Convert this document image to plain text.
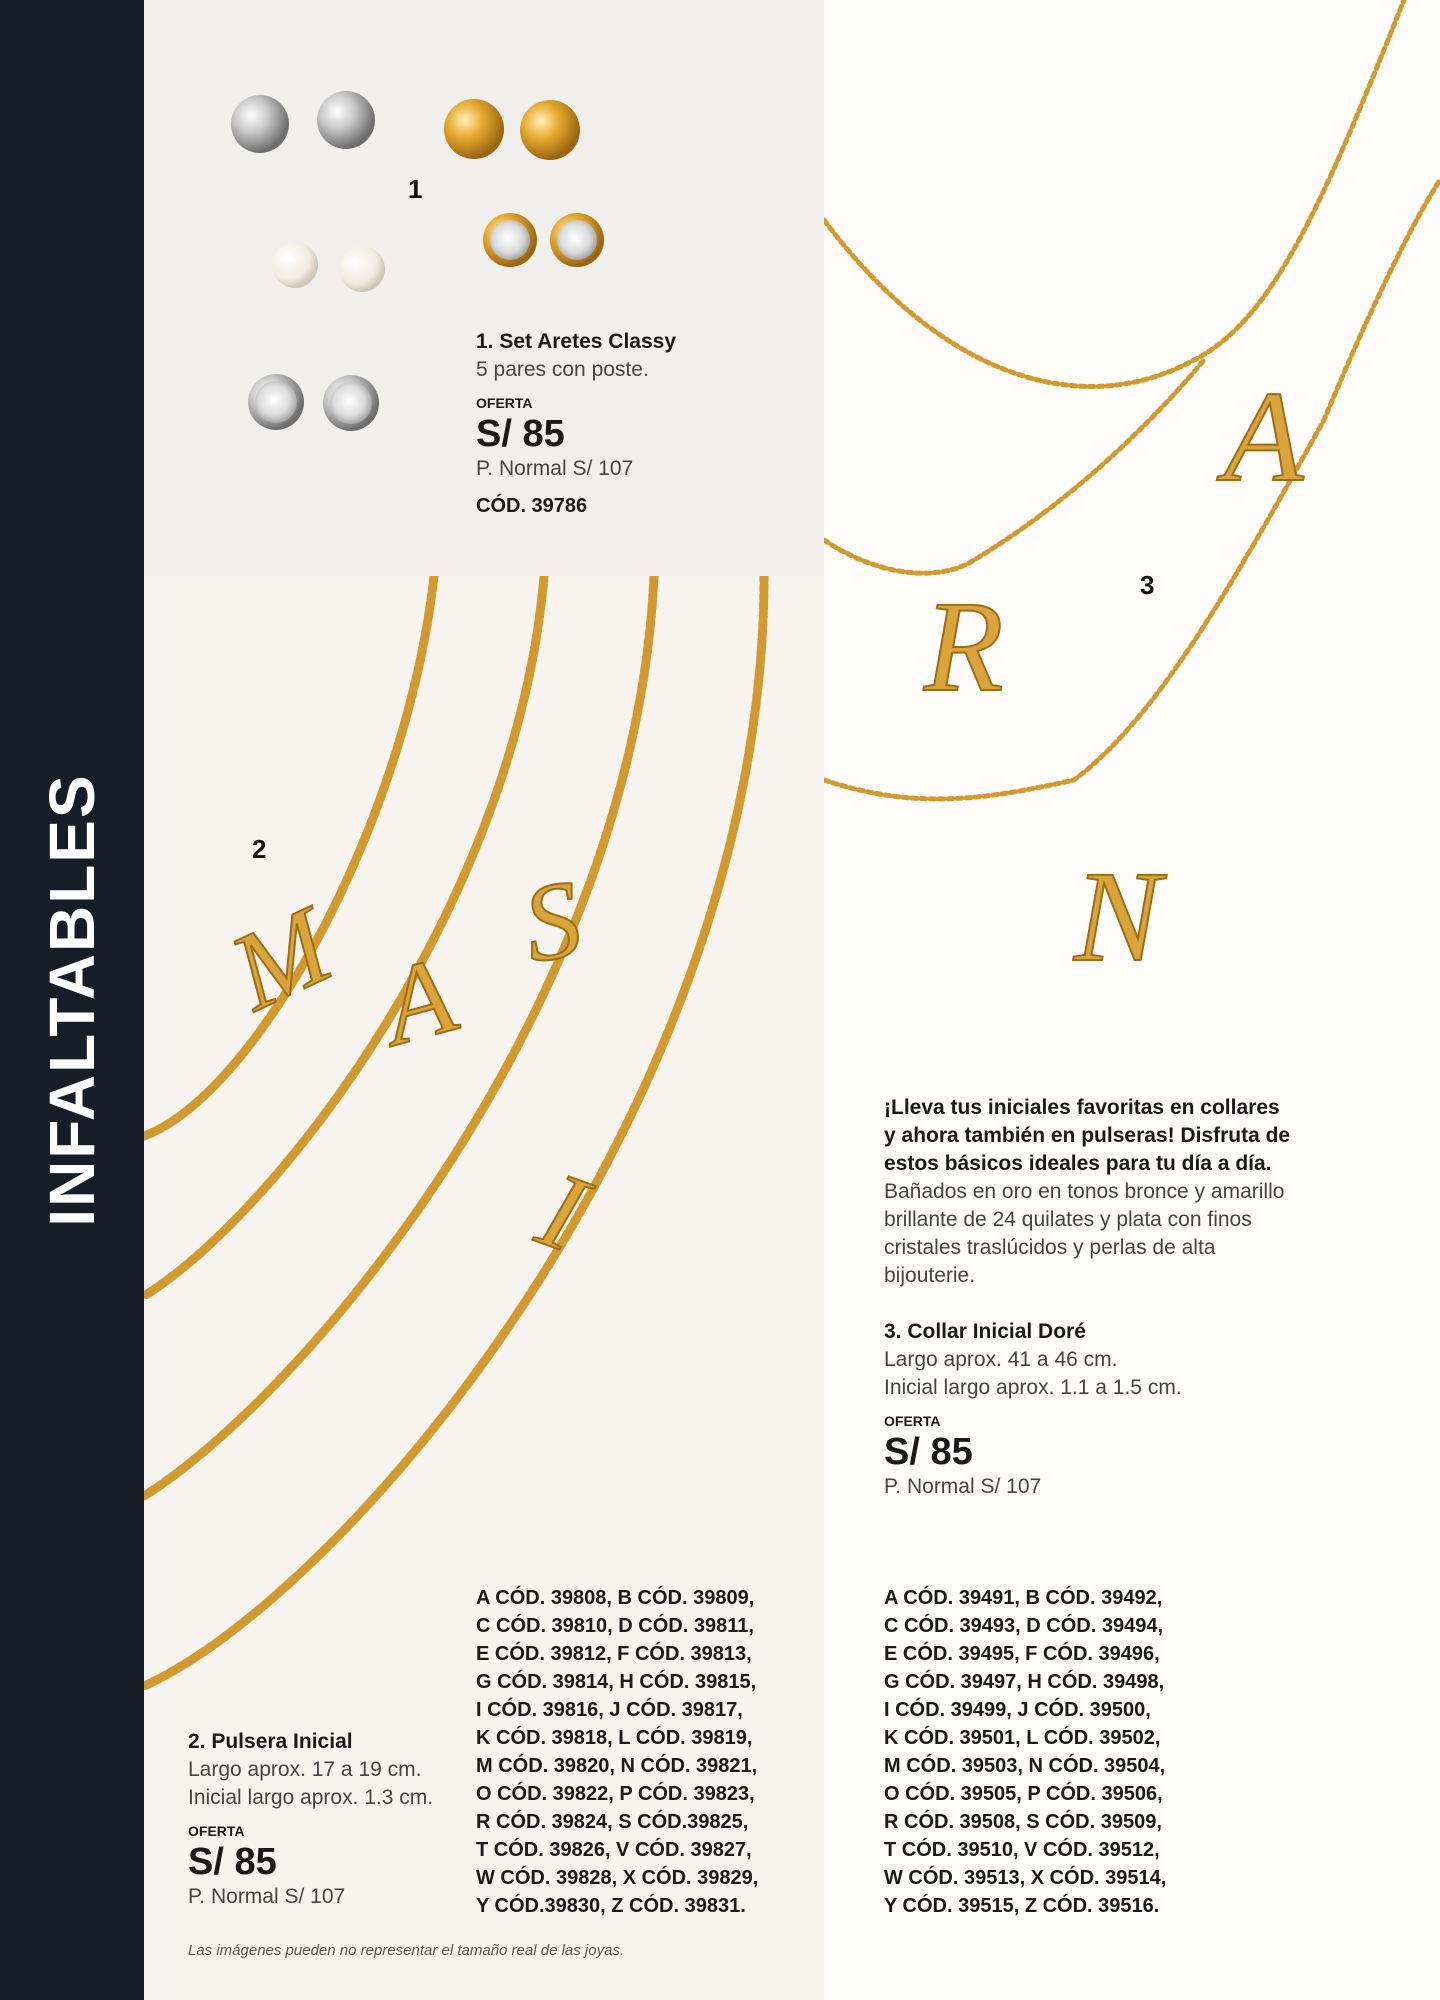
INFALTABLES M A
S
I
A
R
N
1
2
3

1. Set Aretes Classy

5 pares con poste.

OFERTA
S/ 85
P. Normal S/ 107
CÓD. 39786

2. Pulsera Inicial

Largo aprox. 17 a 19 cm.

Inicial largo aprox. 1.3 cm.

OFERTA
S/ 85
P. Normal S/ 107
A CÓD. 39808, B CÓD. 39809,
C CÓD. 39810, D CÓD. 39811,
E CÓD. 39812, F CÓD. 39813,
G CÓD. 39814, H CÓD. 39815,
I CÓD. 39816, J CÓD. 39817,
K CÓD. 39818, L CÓD. 39819,
M CÓD. 39820, N CÓD. 39821,
O CÓD. 39822, P CÓD. 39823,
R CÓD. 39824, S CÓD.39825,
T CÓD. 39826, V CÓD. 39827,
W CÓD. 39828, X CÓD. 39829,
Y CÓD.39830, Z CÓD. 39831.

¡Lleva tus iniciales favoritas en collares

y ahora también en pulseras! Disfruta de

estos básicos ideales para tu día a día.

Bañados en oro en tonos bronce y amarillo

brillante de 24 quilates y plata con finos

cristales traslúcidos y perlas de alta

bijouterie.

3. Collar Inicial Doré

Largo aprox. 41 a 46 cm.

Inicial largo aprox. 1.1 a 1.5 cm.

OFERTA
S/ 85
P. Normal S/ 107
A CÓD. 39491, B CÓD. 39492,
C CÓD. 39493, D CÓD. 39494,
E CÓD. 39495, F CÓD. 39496,
G CÓD. 39497, H CÓD. 39498,
I CÓD. 39499, J CÓD. 39500,
K CÓD. 39501, L CÓD. 39502,
M CÓD. 39503, N CÓD. 39504,
O CÓD. 39505, P CÓD. 39506,
R CÓD. 39508, S CÓD. 39509,
T CÓD. 39510, V CÓD. 39512,
W CÓD. 39513, X CÓD. 39514,
Y CÓD. 39515, Z CÓD. 39516.
Las imágenes pueden no representar el tamaño real de las joyas.
